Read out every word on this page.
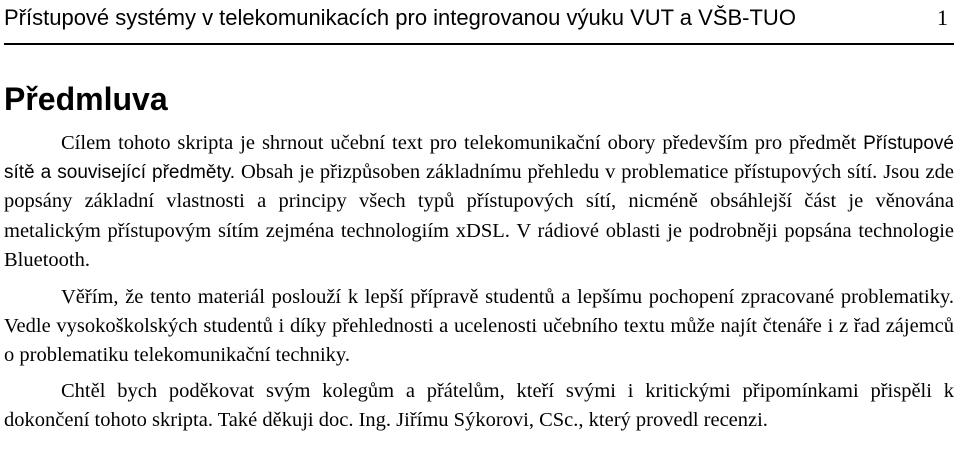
Přístupové systémy v telekomunikacích pro integrovanou výuku VUT a VŠB-TUO	1
Předmluva

Cílem tohoto skripta je shrnout učební text pro telekomunikační obory především pro předmět Přístupové sítě a související předměty. Obsah je přizpůsoben základnímu přehledu v problematice přístupových sítí. Jsou zde popsány základní vlastnosti a principy všech typů přístupových sítí, nicméně obsáhlejší část je věnována metalickým přístupovým sítím zejména technologiím xDSL. V rádiové oblasti je podrobněji popsána technologie Bluetooth.

Věřím, že tento materiál poslouží k lepší přípravě studentů a lepšímu pochopení zpracované problematiky. Vedle vysokoškolských studentů i díky přehlednosti a ucelenosti učebního textu může najít čtenáře i z řad zájemců o problematiku telekomunikační techniky.

Chtěl bych poděkovat svým kolegům a přátelům, kteří svými i kritickými připomínkami přispěli k dokončení tohoto skripta. Také děkuji doc. Ing. Jiřímu Sýkorovi, CSc., který provedl recenzi.
